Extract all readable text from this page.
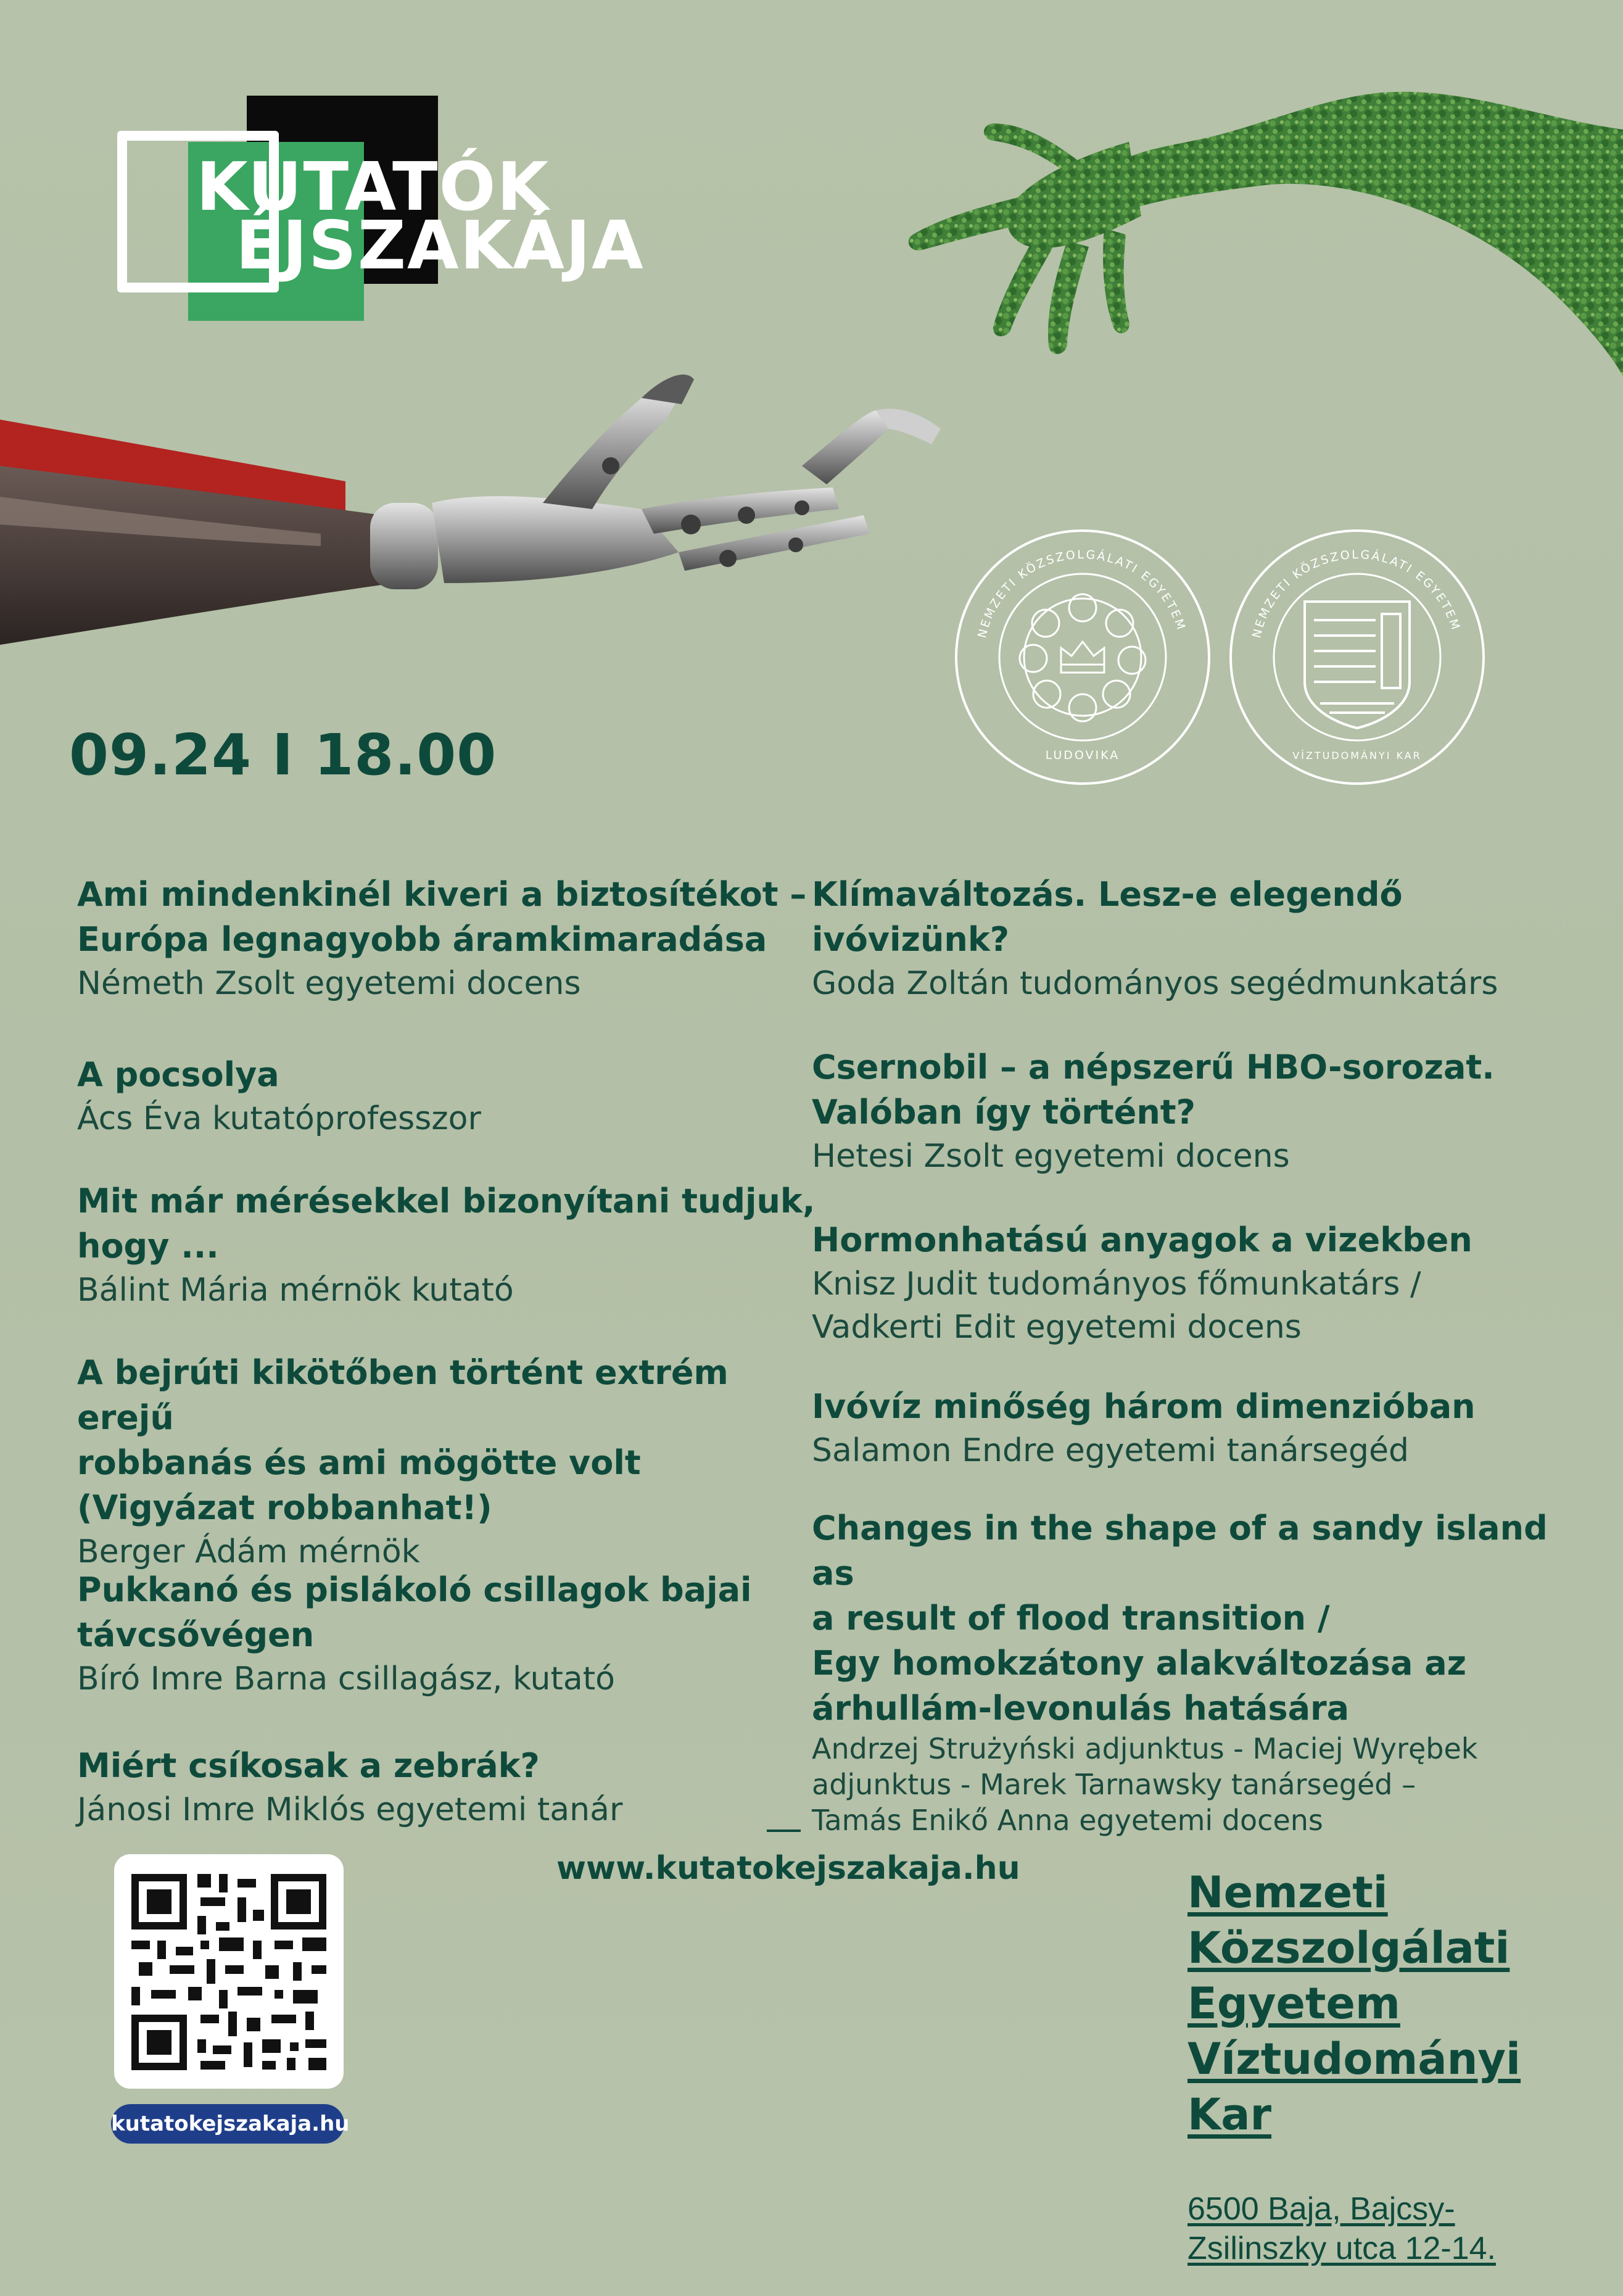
KUTATÓK
ÉJSZAKÁJA
NEMZETI KÖZSZOLGÁLATI EGYETEM
LUDOVIKA
NEMZETI KÖZSZOLGÁLATI EGYETEM
VÍZTUDOMÁNYI KAR
09.24 I 18.00
Ami mindenkinél kiveri a biztosítékot –
Európa legnagyobb áramkimaradása
Németh Zsolt egyetemi docens
A pocsolya
Ács Éva kutatóprofesszor
Mit már mérésekkel bizonyítani tudjuk,
hogy ...
Bálint Mária mérnök kutató
A bejrúti kikötőben történt extrém erejű
robbanás és ami mögötte volt
(Vigyázat robbanhat!)
Berger Ádám mérnök
Pukkanó és pislákoló csillagok bajai
távcsővégen
Bíró Imre Barna csillagász, kutató
Miért csíkosak a zebrák?
Jánosi Imre Miklós egyetemi tanár
Klímaváltozás. Lesz-e elegendő
ivóvizünk?
Goda Zoltán tudományos segédmunkatárs
Csernobil – a népszerű HBO-sorozat.
Valóban így történt?
Hetesi Zsolt egyetemi docens
Hormonhatású anyagok a vizekben
Knisz Judit tudományos főmunkatárs /
Vadkerti Edit egyetemi docens
Ivóvíz minőség három dimenzióban
Salamon Endre egyetemi tanársegéd
Changes in the shape of a sandy island as
a result of flood transition /
Egy homokzátony alakváltozása az
árhullám-levonulás hatására
Andrzej Strużyński adjunktus - Maciej Wyrębek
adjunktus - Marek Tarnawsky tanársegéd –
Tamás Enikő Anna egyetemi docens
www.kutatokejszakaja.hu
kutatokejszakaja.hu
Nemzeti
Közszolgálati
Egyetem
Víztudományi
Kar
6500 Baja, Bajcsy-
Zsilinszky utca 12-14.
